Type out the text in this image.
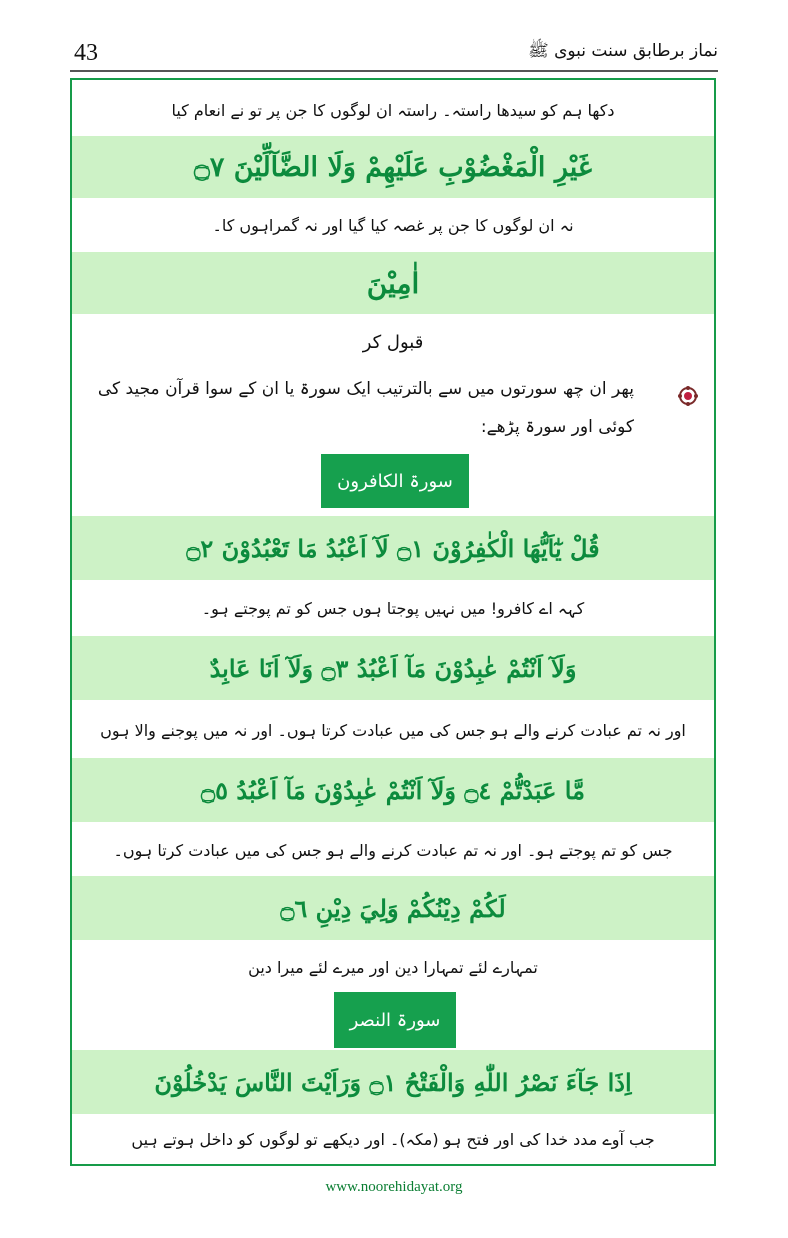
43	نماز برطابق سنت نبوی ﷺ
دکھا ہم کو سیدھا راستہ۔ راستہ ان لوگوں کا جن پر تو نے انعام کیا
غَيْرِ الْمَغْضُوْبِ عَلَيْهِمْ وَلَا الضَّآلِّيْنَ ۝٧
نہ ان لوگوں کا جن پر غصہ کیا گیا اور نہ گمراہوں کا۔
اٰمِيْنَ
قبول کر
پھر ان چھ سورتوں میں سے بالترتیب ایک سورۃ یا ان کے سوا قرآن مجید کی کوئی اور سورۃ پڑھے:
سورۃ الکافرون
قُلْ يٰٓاَيُّهَا الْكٰفِرُوْنَ ۝١ لَآ اَعْبُدُ مَا تَعْبُدُوْنَ ۝٢
کہہ اے کافرو! میں نہیں پوجتا ہوں جس کو تم پوجتے ہو۔
وَلَآ اَنْتُمْ عٰبِدُوْنَ مَآ اَعْبُدُ ۝٣ وَلَآ اَنَا عَابِدٌ
اور نہ تم عبادت کرنے والے ہو جس کی میں عبادت کرتا ہوں۔ اور نہ میں پوجنے والا ہوں
مَّا عَبَدْتُّمْ ۝٤ وَلَآ اَنْتُمْ عٰبِدُوْنَ مَآ اَعْبُدُ ۝٥
جس کو تم پوجتے ہو۔ اور نہ تم عبادت کرنے والے ہو جس کی میں عبادت کرتا ہوں۔
لَكُمْ دِيْنُكُمْ وَلِيَ دِيْنِ ۝٦
تمہارے لئے تمہارا دین اور میرے لئے میرا دین
سورۃ النصر
اِذَا جَآءَ نَصْرُ اللّٰهِ وَالْفَتْحُ ۝١ وَرَاَيْتَ النَّاسَ يَدْخُلُوْنَ
جب آوے مدد خدا کی اور فتح ہو (مکہ)۔ اور دیکھے تو لوگوں کو داخل ہوتے ہیں
www.noorehidayat.org
